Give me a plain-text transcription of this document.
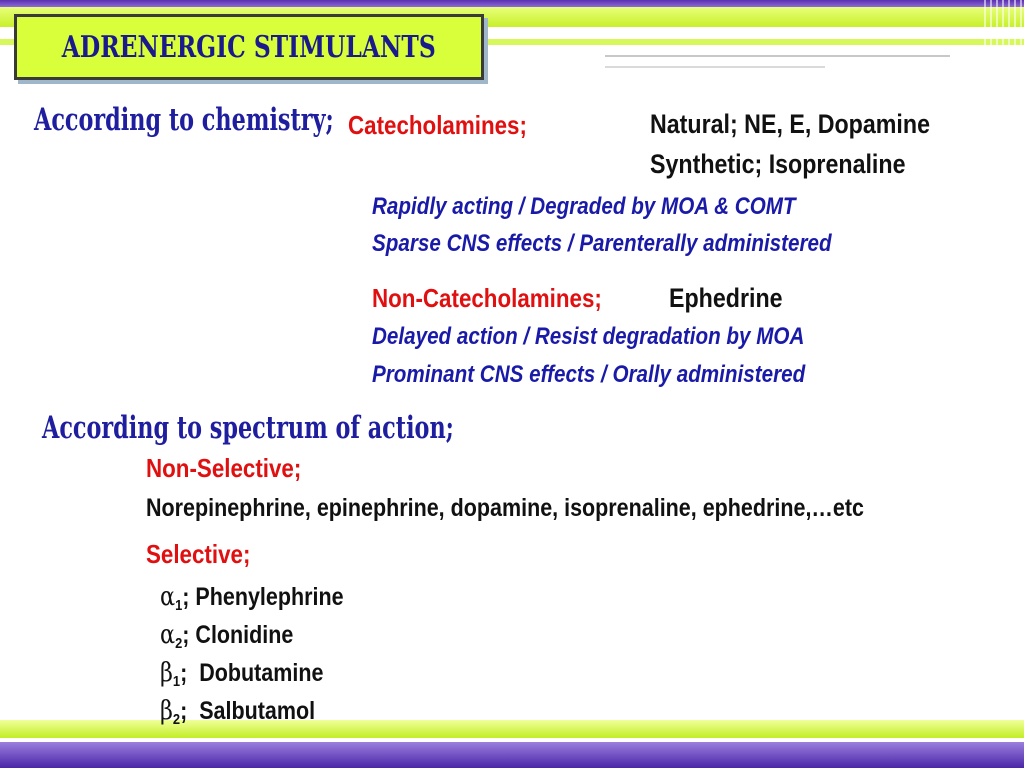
ADRENERGIC STIMULANTS
According to chemistry; Catecholamines;	Natural; NE, E, Dopamine
Synthetic; Isoprenaline
Rapidly acting / Degraded by MOA & COMT
Sparse CNS effects / Parenterally administered
Non-Catecholamines; Ephedrine
Delayed action / Resist degradation by MOA
Prominant CNS effects / Orally administered
According to spectrum of action;
Non-Selective;
Norepinephrine, epinephrine, dopamine, isoprenaline, ephedrine,…etc
Selective;
$\alpha_1$; Phenylephrine
$\alpha_2$; Clonidine
$\beta_1$;  Dobutamine
$\beta_2$;  Salbutamol
